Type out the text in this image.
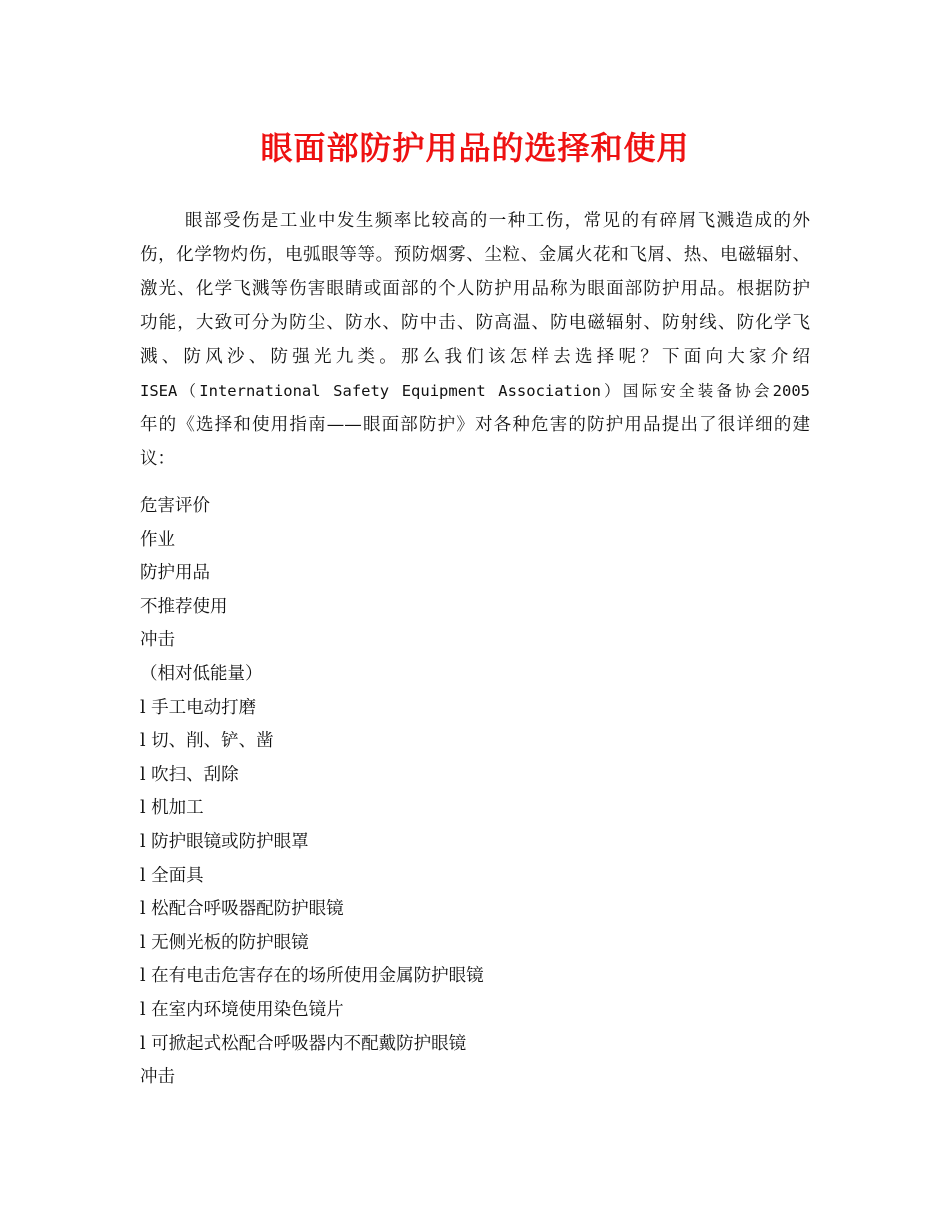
眼面部防护用品的选择和使用
眼部受伤是工业中发生频率比较高的一种工伤，常见的有碎屑飞溅造成的外
伤，化学物灼伤，电弧眼等等。预防烟雾、尘粒、金属火花和飞屑、热、电磁辐射、
激光、化学飞溅等伤害眼睛或面部的个人防护用品称为眼面部防护用品。根据防护
功能，大致可分为防尘、防水、防中击、防高温、防电磁辐射、防射线、防化学飞
溅、防风沙、防强光九类。那么我们该怎样去选择呢？下面向大家介绍
ISEA（International Safety Equipment Association）国际安全装备协会2005
年的《选择和使用指南——眼面部防护》对各种危害的防护用品提出了很详细的建
议：
危害评价
作业
防护用品
不推荐使用
冲击
（相对低能量）
l 手工电动打磨
l 切、削、铲、凿
l 吹扫、刮除
l 机加工
l 防护眼镜或防护眼罩
l 全面具
l 松配合呼吸器配防护眼镜
l 无侧光板的防护眼镜
l 在有电击危害存在的场所使用金属防护眼镜
l 在室内环境使用染色镜片
l 可掀起式松配合呼吸器内不配戴防护眼镜
冲击
